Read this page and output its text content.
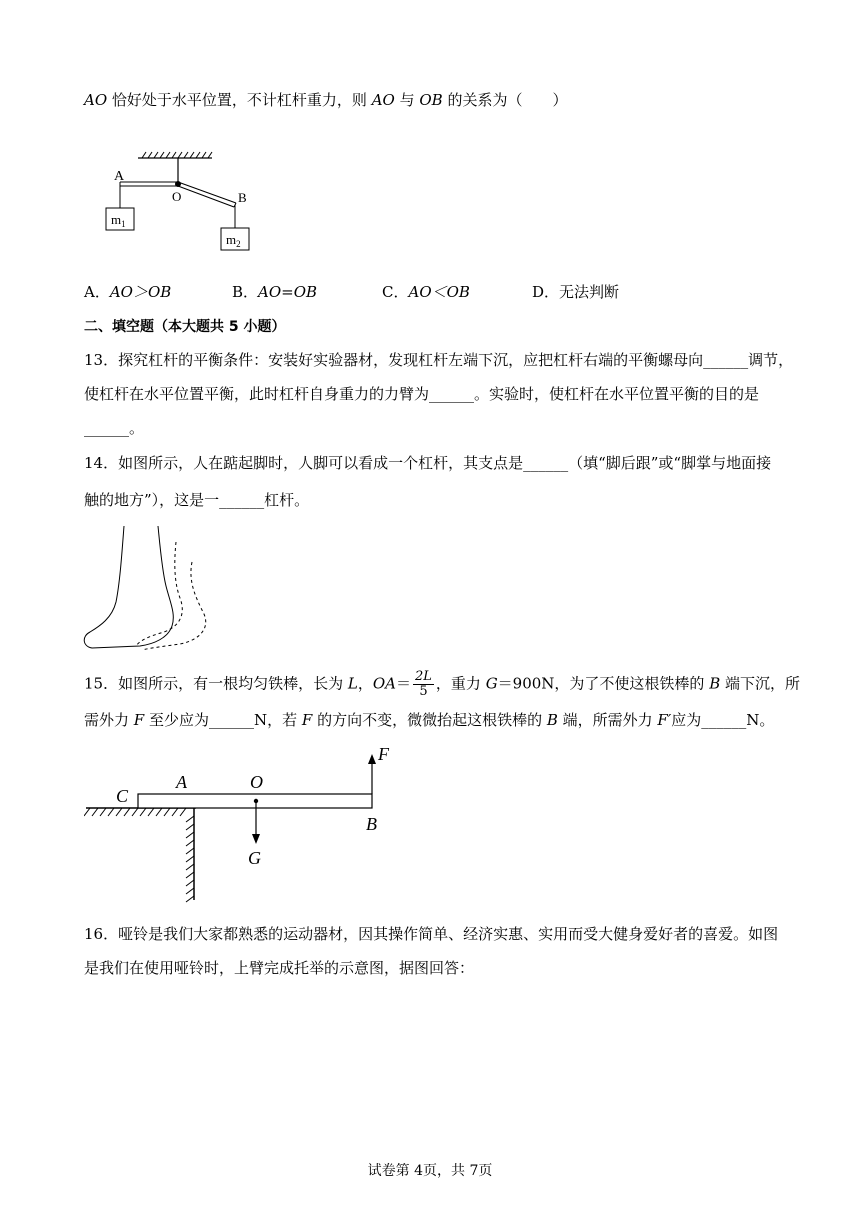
AO 恰好处于水平位置，不计杠杆重力，则 AO 与 OB 的关系为（　　）
A
O	B
$m_1$
$m_2$
A．AO＞OB	B．AO=OB	C．AO＜OB	D．无法判断
二、填空题（本大题共 5 小题）
13．探究杠杆的平衡条件：安装好实验器材，发现杠杆左端下沉，应把杠杆右端的平衡螺母向______调节，
使杠杆在水平位置平衡，此时杠杆自身重力的力臂为______。实验时，使杠杆在水平位置平衡的目的是
______。
14．如图所示，人在踮起脚时，人脚可以看成一个杠杆，其支点是______（填“脚后跟”或“脚掌与地面接
触的地方”），这是一______杠杆。
15．如图所示，有一根均匀铁棒，长为 L，$OA= \frac{2L}{5}$ ，重力 G＝900N，为了不使这根铁棒的 B 端下沉，所
需外力 F 至少应为______N，若 F 的方向不变，微微抬起这根铁棒的 B 端，所需外力 F′应为______N。
C
A	O
B
F
G
16．哑铃是我们大家都熟悉的运动器材，因其操作简单、经济实惠、实用而受大健身爱好者的喜爱。如图
是我们在使用哑铃时，上臂完成托举的示意图，据图回答：
试卷第 4页，共 7页
